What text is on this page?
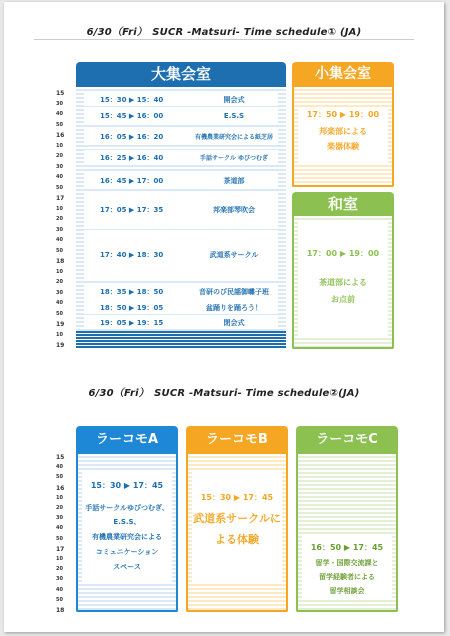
6/30（Fri）　SUCR -Matsuri- Time schedule① (JA)
15
30
40
50
16
10
20
30
40
50
17
10
20
30
40
50
18
10
20
30
40
50
19
10
19
大集会室
15：30 ▶ 15：40	開会式
15：45 ▶ 16：00	E.S.S
16：05 ▶ 16：20	有機農業研究会による紙芝居
16：25 ▶ 16：40	手話サークル ゆびつむぎ
16：45 ▶ 17：00	茶道部
17：05 ▶ 17：35	邦楽部琴吹会
17：40 ▶ 18：30	武道系サークル
18：35 ▶ 18：50	音研のび民謡御囃子班
18：50 ▶ 19：05	盆踊りを踊ろう！
19：05 ▶ 19：15	閉会式
小集会室
17：50 ▶ 19：00
邦楽部による
楽器体験
和室
17：00 ▶ 19：00
茶道部による
お点前
6/30（Fri）　SUCR -Matsuri- Time schedule②(JA)
15
40
50
16
10
20
30
40
50
17
10
20
30
40
50
18
ラーコモA
15：30 ▶ 17：45
手話サークルゆびつむぎ、
E.S.S、
有機農業研究会による
コミュニケーション
スペース
ラーコモB
15：30 ▶ 17：45
武道系サークルに
よる体験
ラーコモC
16：50 ▶ 17：45
留学・国際交流課と
留学経験者による
留学相談会
